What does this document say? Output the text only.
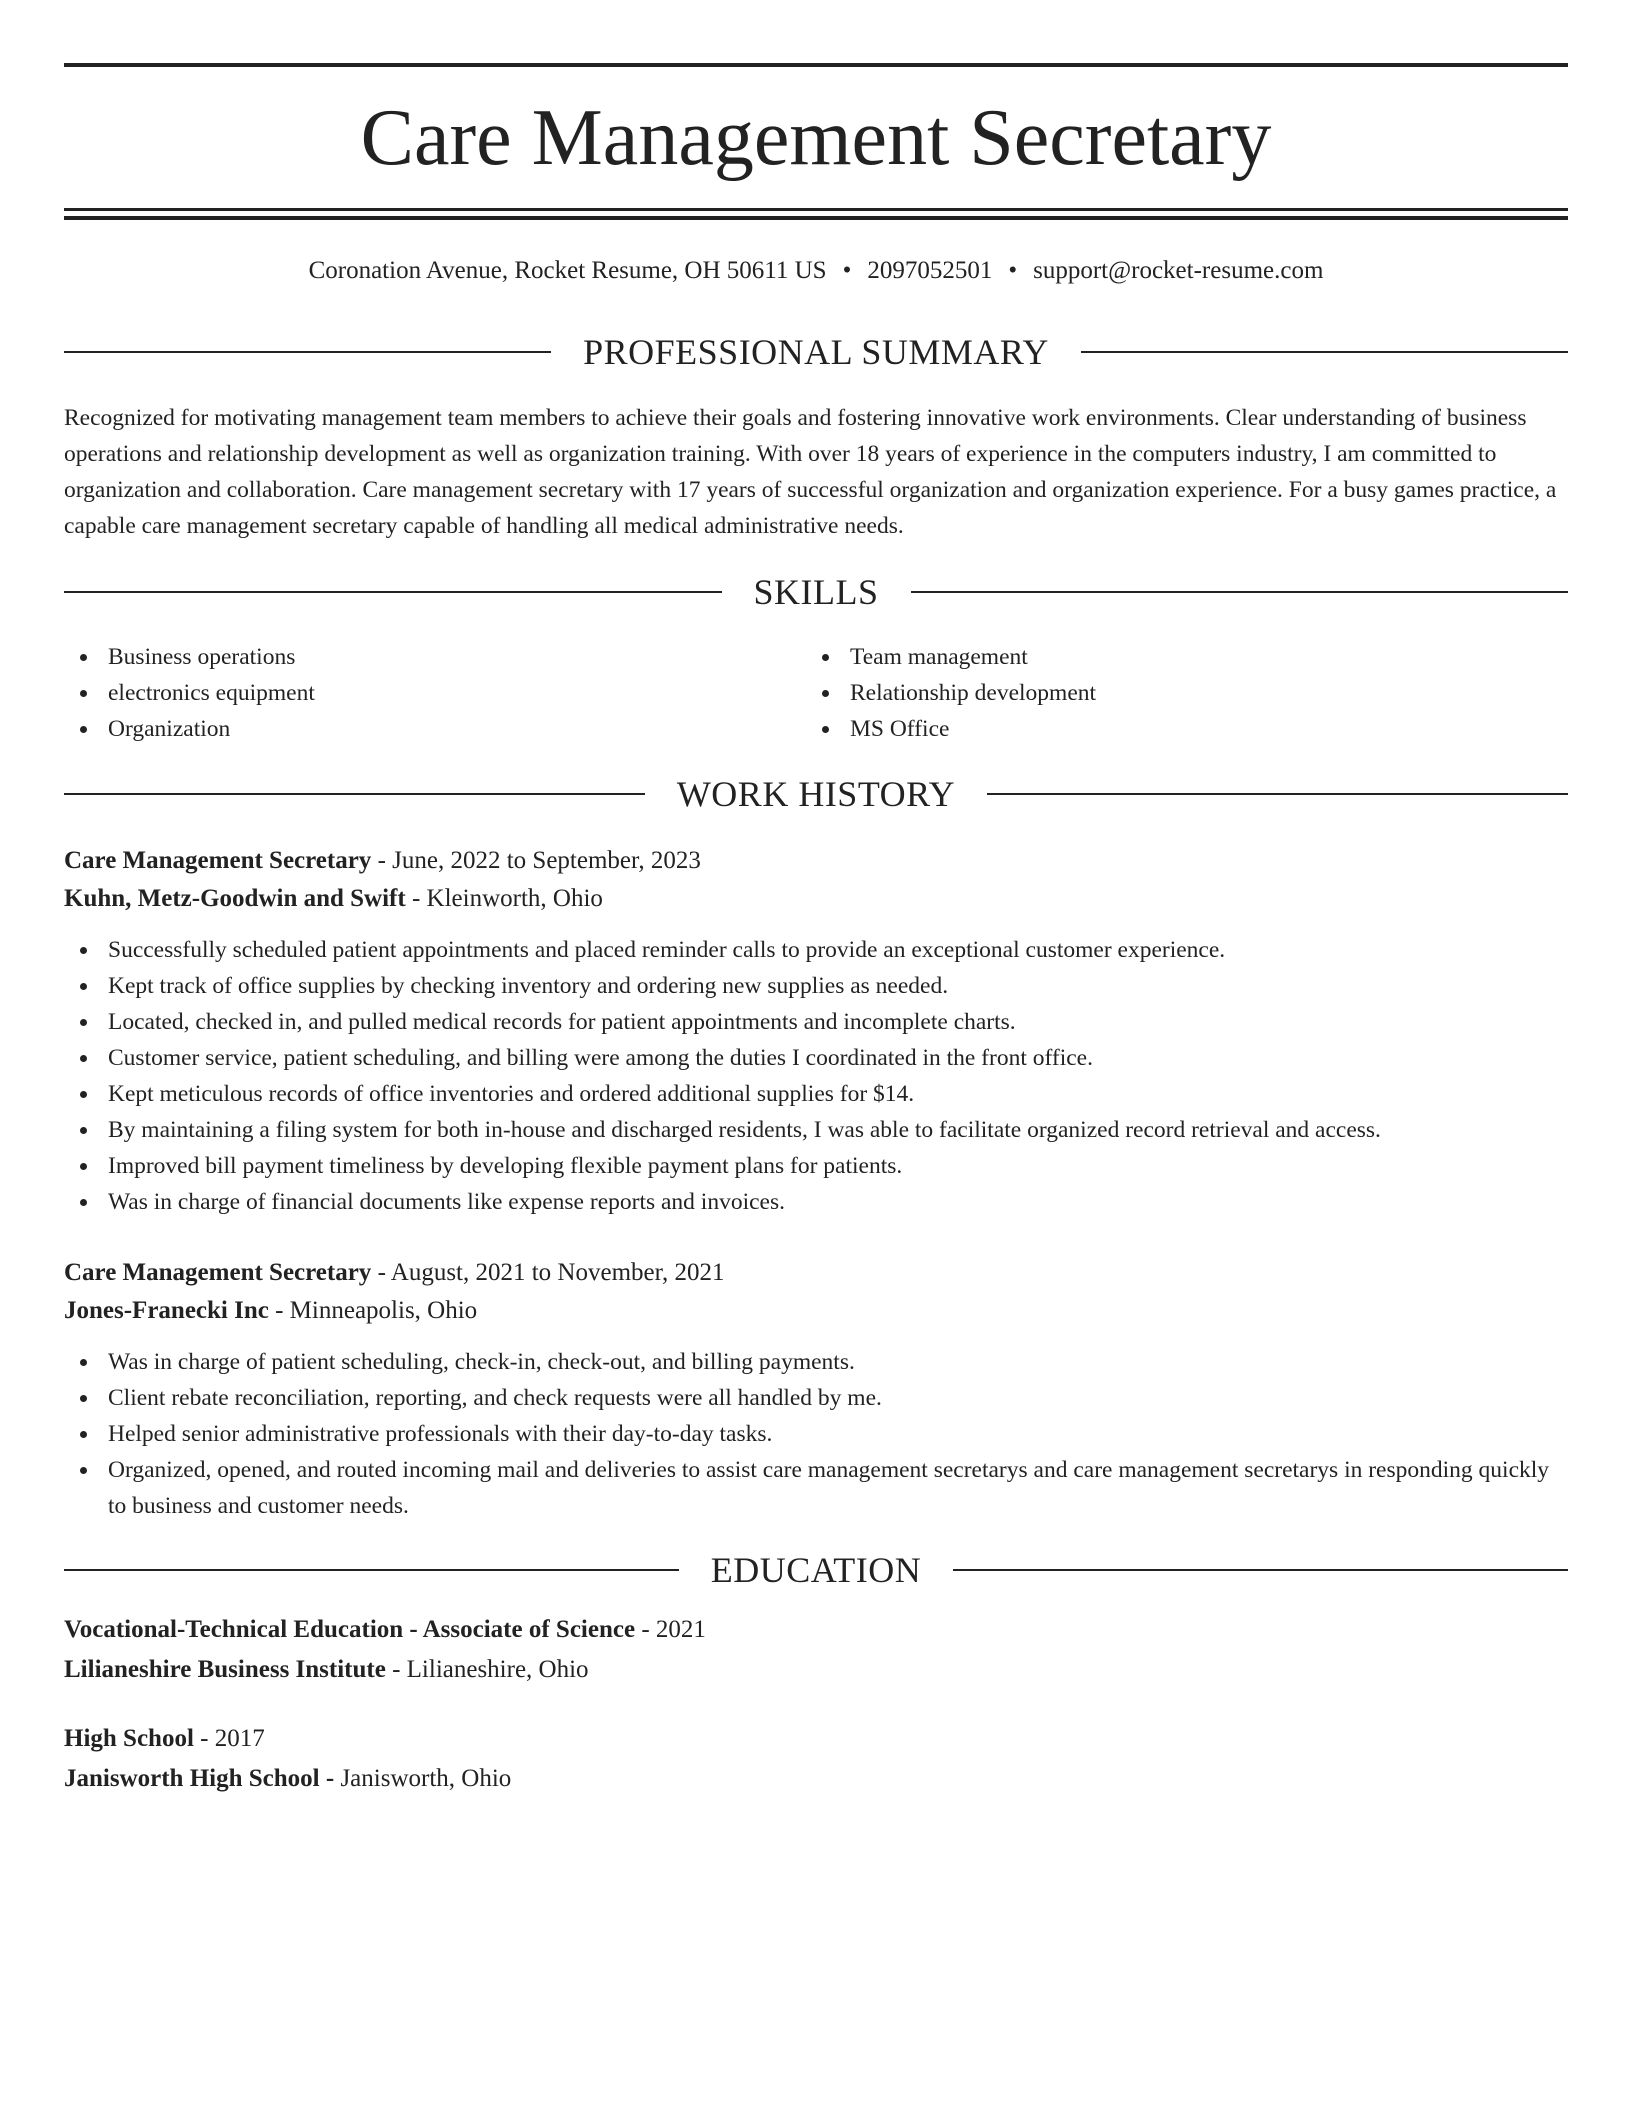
Care Management Secretary
Coronation Avenue, Rocket Resume, OH 50611 US • 2097052501 • support@rocket-resume.com
PROFESSIONAL SUMMARY

Recognized for motivating management team members to achieve their goals and fostering innovative work environments. Clear understanding of business operations and relationship development as well as organization training. With over 18 years of experience in the computers industry, I am committed to organization and collaboration. Care management secretary with 17 years of successful organization and organization experience. For a busy games practice, a capable care management secretary capable of handling all medical administrative needs.

SKILLS
Business operations
electronics equipment
Organization
Team management
Relationship development
MS Office
WORK HISTORY
Care Management Secretary - June, 2022 to September, 2023
Kuhn, Metz-Goodwin and Swift - Kleinworth, Ohio
Successfully scheduled patient appointments and placed reminder calls to provide an exceptional customer experience.
Kept track of office supplies by checking inventory and ordering new supplies as needed.
Located, checked in, and pulled medical records for patient appointments and incomplete charts.
Customer service, patient scheduling, and billing were among the duties I coordinated in the front office.
Kept meticulous records of office inventories and ordered additional supplies for $14.
By maintaining a filing system for both in-house and discharged residents, I was able to facilitate organized record retrieval and access.
Improved bill payment timeliness by developing flexible payment plans for patients.
Was in charge of financial documents like expense reports and invoices.
Care Management Secretary - August, 2021 to November, 2021
Jones-Franecki Inc - Minneapolis, Ohio
Was in charge of patient scheduling, check-in, check-out, and billing payments.
Client rebate reconciliation, reporting, and check requests were all handled by me.
Helped senior administrative professionals with their day-to-day tasks.
Organized, opened, and routed incoming mail and deliveries to assist care management secretarys and care management secretarys in responding quickly to business and customer needs.
EDUCATION
Vocational-Technical Education - Associate of Science - 2021
Lilianeshire Business Institute - Lilianeshire, Ohio
High School - 2017
Janisworth High School - Janisworth, Ohio
